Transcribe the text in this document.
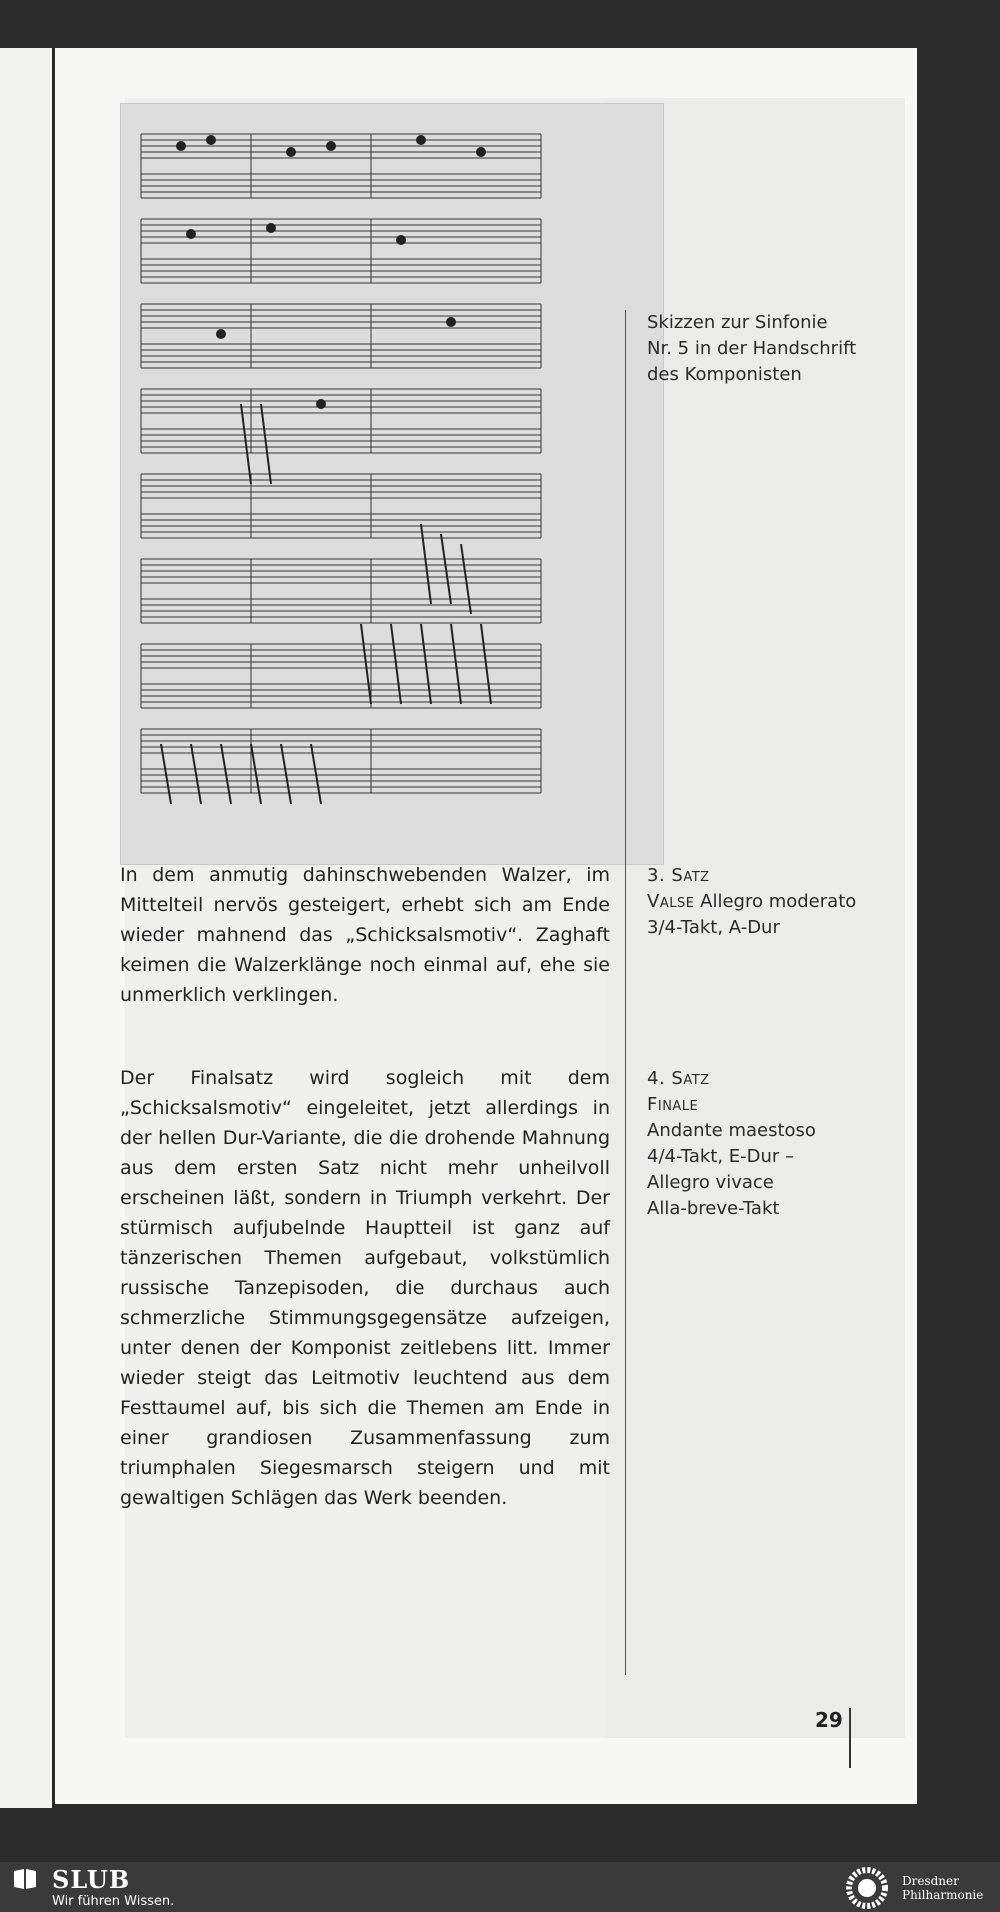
Skizzen zur Sinfonie
Nr. 5 in der Handschrift
des Komponisten

In dem anmutig dahinschwebenden Walzer, im Mittelteil nervös gesteigert, erhebt sich am Ende wieder mahnend das „Schicksalsmotiv“. Zaghaft keimen die Walzerklänge noch einmal auf, ehe sie unmerklich verklingen.

Der Finalsatz wird sogleich mit dem „Schicksalsmotiv“ eingeleitet, jetzt allerdings in der hellen Dur-Variante, die die drohende Mahnung aus dem ersten Satz nicht mehr unheilvoll erscheinen läßt, sondern in Triumph verkehrt. Der stürmisch aufjubelnde Hauptteil ist ganz auf tänzerischen Themen aufgebaut, volkstümlich russische Tanzepisoden, die durchaus auch schmerzliche Stimmungsgegensätze aufzeigen, unter denen der Komponist zeitlebens litt. Immer wieder steigt das Leitmotiv leuchtend aus dem Festtaumel auf, bis sich die Themen am Ende in einer grandiosen Zusammenfassung zum triumphalen Siegesmarsch steigern und mit gewaltigen Schlägen das Werk beenden.

3. Satz
Valse Allegro moderato
3/4-Takt, A-Dur
4. Satz
Finale
Andante maestoso
4/4-Takt, E-Dur –
Allegro vivace
Alla-breve-Takt
29
SLUB
Wir führen Wissen.
Dresdner
Philharmonie
